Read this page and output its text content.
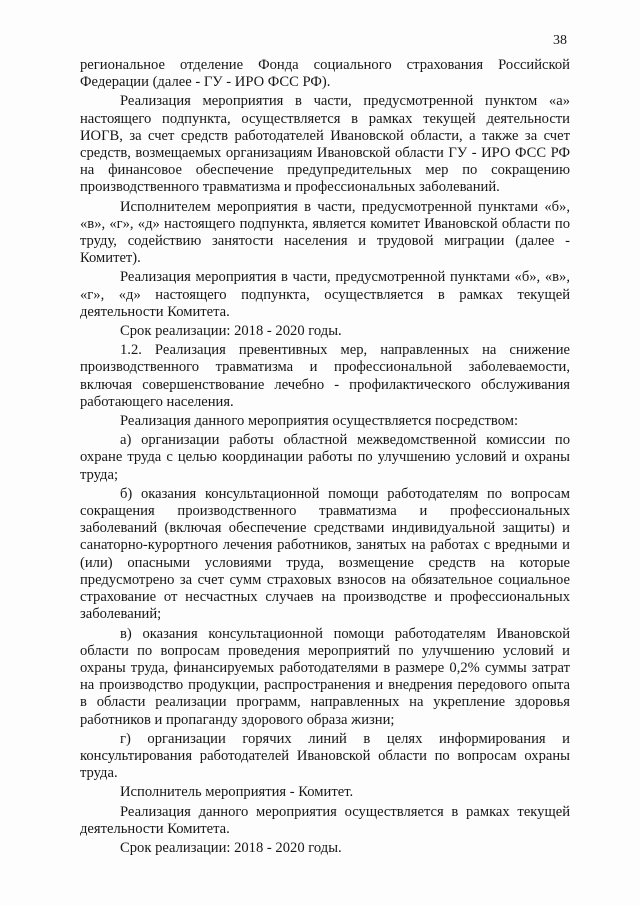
38

региональное отделение Фонда социального страхования Российской Федерации (далее - ГУ - ИРО ФСС РФ).

Реализация мероприятия в части, предусмотренной пунктом «а» настоящего подпункта, осуществляется в рамках текущей деятельности ИОГВ, за счет средств работодателей Ивановской области, а также за счет средств, возмещаемых организациям Ивановской области ГУ - ИРО ФСС РФ на финансовое обеспечение предупредительных мер по сокращению производственного травматизма и профессиональных заболеваний.

Исполнителем мероприятия в части, предусмотренной пунктами «б», «в», «г», «д» настоящего подпункта, является комитет Ивановской области по труду, содействию занятости населения и трудовой миграции (далее - Комитет).

Реализация мероприятия в части, предусмотренной пунктами «б», «в», «г», «д» настоящего подпункта, осуществляется в рамках текущей деятельности Комитета.

Срок реализации: 2018 - 2020 годы.

1.2. Реализация превентивных мер, направленных на снижение производственного травматизма и профессиональной заболеваемости, включая совершенствование лечебно - профилактического обслуживания работающего населения.

Реализация данного мероприятия осуществляется посредством:

а) организации работы областной межведомственной комиссии по охране труда с целью координации работы по улучшению условий и охраны труда;

б) оказания консультационной помощи работодателям по вопросам сокращения производственного травматизма и профессиональных заболеваний (включая обеспечение средствами индивидуальной защиты) и санаторно-курортного лечения работников, занятых на работах с вредными и (или) опасными условиями труда, возмещение средств на которые предусмотрено за счет сумм страховых взносов на обязательное социальное страхование от несчастных случаев на производстве и профессиональных заболеваний;

в) оказания консультационной помощи работодателям Ивановской области по вопросам проведения мероприятий по улучшению условий и охраны труда, финансируемых работодателями в размере 0,2% суммы затрат на производство продукции, распространения и внедрения передового опыта в области реализации программ, направленных на укрепление здоровья работников и пропаганду здорового образа жизни;

г) организации горячих линий в целях информирования и консультирования работодателей Ивановской области по вопросам охраны труда.

Исполнитель мероприятия - Комитет.

Реализация данного мероприятия осуществляется в рамках текущей деятельности Комитета.

Срок реализации: 2018 - 2020 годы.
